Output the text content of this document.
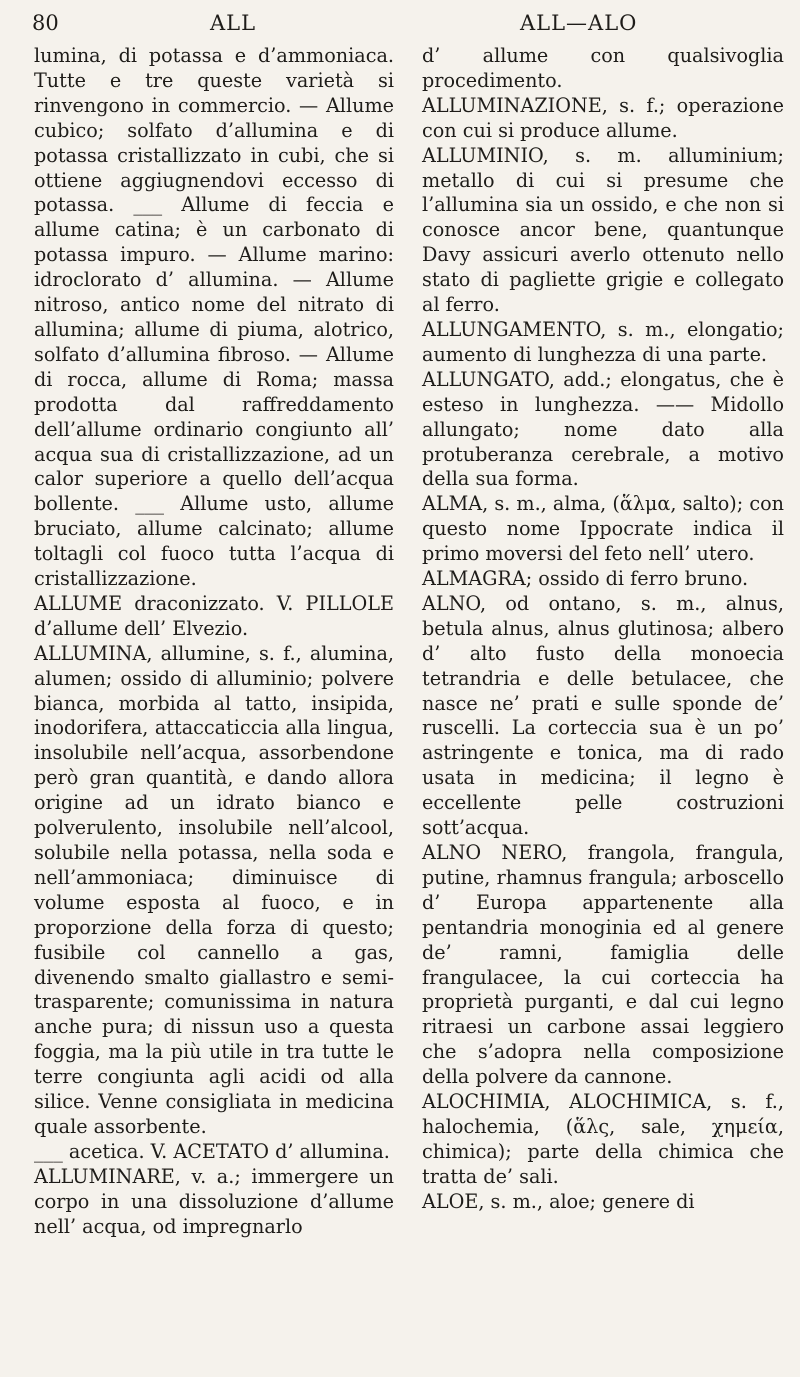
80	ALL	ALL—ALO

lumina, di potassa e d’ammoniaca. Tutte e tre queste varietà si rinvengono in commercio. — Allume cubico; solfato d’allumina e di potassa cristallizzato in cubi, che si ottiene aggiugnendovi eccesso di potassa. ___ Allume di feccia e allume catina; è un carbonato di potassa impuro. — Allume marino: idroclorato d’ allumina. — Allume nitroso, antico nome del nitrato di allumina; allume di piuma, alotrico, solfato d’allumina fibroso. — Allume di rocca, allume di Roma; massa prodotta dal raffreddamento dell’allume ordinario congiunto all’ acqua sua di cristallizzazione, ad un calor superiore a quello dell’acqua bollente. ___ Allume usto, allume bruciato, allume calcinato; allume toltagli col fuoco tutta l’acqua di cristallizzazione.

ALLUME draconizzato. V. PILLOLE d’allume dell’ Elvezio.

ALLUMINA, allumine, s. f., alumina, alumen; ossido di alluminio; polvere bianca, morbida al tatto, insipida, inodorifera, attaccaticcia alla lingua, insolubile nell’acqua, assorbendone però gran quantità, e dando allora origine ad un idrato bianco e polverulento, insolubile nell’alcool, solubile nella potassa, nella soda e nell’ammoniaca; diminuisce di volume esposta al fuoco, e in proporzione della forza di questo; fusibile col cannello a gas, divenendo smalto giallastro e semi-trasparente; comunissima in natura anche pura; di nissun uso a questa foggia, ma la più utile in tra tutte le terre congiunta agli acidi od alla silice. Venne consigliata in medicina quale assorbente.

___ acetica. V. ACETATO d’ allumina.

ALLUMINARE, v. a.; immergere un corpo in una dissoluzione d’allume nell’ acqua, od impregnarlo

d’ allume con qualsivoglia procedimento.

ALLUMINAZIONE, s. f.; operazione con cui si produce allume.

ALLUMINIO, s. m. alluminium; metallo di cui si presume che l’allumina sia un ossido, e che non si conosce ancor bene, quantunque Davy assicuri averlo ottenuto nello stato di pagliette grigie e collegato al ferro.

ALLUNGAMENTO, s. m., elongatio; aumento di lunghezza di una parte.

ALLUNGATO, add.; elongatus, che è esteso in lunghezza. —— Midollo allungato; nome dato alla protuberanza cerebrale, a motivo della sua forma.

ALMA, s. m., alma, (ἅλμα, salto); con questo nome Ippocrate indica il primo moversi del feto nell’ utero.

ALMAGRA; ossido di ferro bruno.

ALNO, od ontano, s. m., alnus, betula alnus, alnus glutinosa; albero d’ alto fusto della monoecia tetrandria e delle betulacee, che nasce ne’ prati e sulle sponde de’ ruscelli. La corteccia sua è un po’ astringente e tonica, ma di rado usata in medicina; il legno è eccellente pelle costruzioni sott’acqua.

ALNO NERO, frangola, frangula, putine, rhamnus frangula; arboscello d’ Europa appartenente alla pentandria monoginia ed al genere de’ ramni, famiglia delle frangulacee, la cui corteccia ha proprietà purganti, e dal cui legno ritraesi un carbone assai leggiero che s’adopra nella composizione della polvere da cannone.

ALOCHIMIA, ALOCHIMICA, s. f., halochemia, (ἅλς, sale, χημεία, chimica); parte della chimica che tratta de’ sali.

ALOE, s. m., aloe; genere di
